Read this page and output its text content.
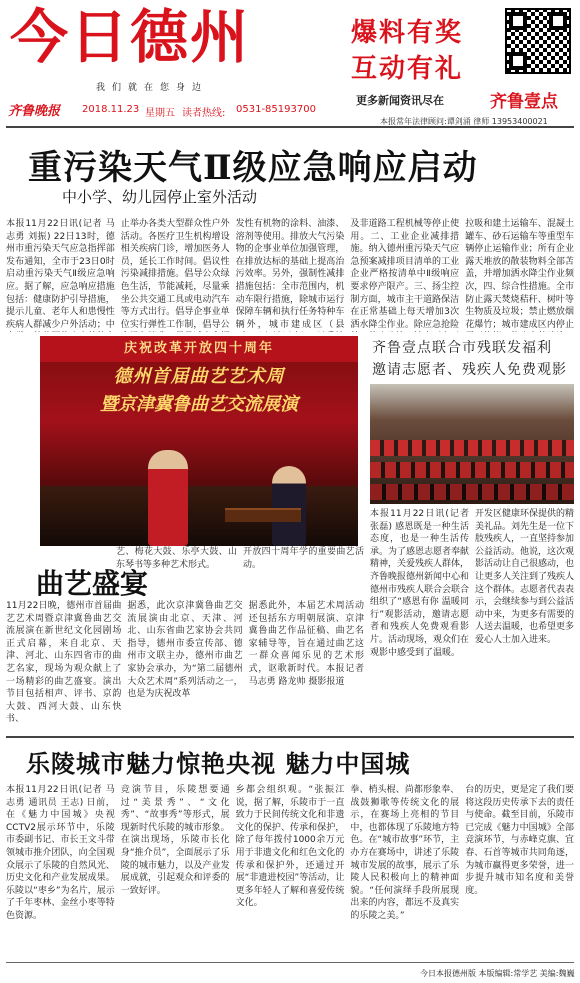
今日德州
我们就在您身边
爆料有奖
互动有礼
更多新闻资讯尽在	齐鲁壹点
齐鲁晚报 2018.11.23 星期五 读者热线: 0531-85193700
本报常年法律顾问:谭剑涌 律师 13953400021
重污染天气Ⅱ级应急响应启动
中小学、幼儿园停止室外活动
本报11月22日讯(记者 马志勇 刘振) 22日13时，德州市重污染天气应急指挥部发布通知，全市于23日0时启动重污染天气Ⅱ级应急响应。据了解，应急响应措施包括：健康防护引导措施，提示儿童、老年人和患慢性疾病人群减少户外活动；中
止举办各类大型群众性户外活动。各医疗卫生机构增设相关疾病门诊，增加医务人员，延长工作时间。倡议性污染减排措施。倡导公众绿色生活，节能减耗，尽量乘坐公共交通工具或电动汽车等方式出行。倡导企事业单位实行弹性工作制，倡导公
发性有机物的涂料、油漆、溶剂等使用。排放大气污染物的企事业单位加强管理，在排放达标的基础上提高治污效率。另外，强制性减排措施包括：全市范围内，机动车限行措施，除城市运行保障车辆和执行任务特种车辆外，城市建成区（县
及非道路工程机械等停止使用。二、工业企业减排措施。纳入德州重污染天气应急预案减排项目清单的工业企业严格按清单中Ⅱ级响应要求停产限产。三、扬尘控制方面，城市主干道路保洁在正常基础上每天增加3次洒水降尘作业。除应急抢险
拉吸和建土运输车、混凝土罐车、砂石运输车等重型车辆停止运输作业；所有企业露天堆放的散装物料全部苫盖，并增加洒水降尘作业频次，四、综合性措施。全市防止露天焚烧秸秆、树叶等生物质及垃圾；禁止燃放烟花爆竹；城市建成区内停止
庆祝改革开放四十周年
德州首届曲艺艺术周
暨京津冀鲁曲艺交流展演
艺、梅花大鼓、乐亭大鼓、山东琴书等多种艺术形式。
开放四十周年学的重要曲艺活动。
曲艺盛宴
11月22日晚，德州市首届曲艺艺术周暨京津冀鲁曲艺交流展演在新世纪文化园剧场正式启幕，来自北京、天津、河北、山东四省市的曲艺名家，现场为观众献上了一场精彩的曲艺盛宴。演出节目包括相声、评书、京韵大鼓、西河大鼓、山东快书、
据悉，此次京津冀鲁曲艺交流展演由北京、天津、河北、山东省曲艺家协会共同指导，德州市委宣传部、德州市文联主办，德州市曲艺家协会承办，为“第二届德州大众艺术周”系列活动之一，也是为庆祝改革
据悉此外，本届艺术周活动还包括东方明朝展演、京津冀鲁曲艺作品征稿、曲艺名家辅导等，旨在通过曲艺这一群众喜闻乐见的艺术形式，讴歌新时代。本报记者 马志勇 路龙帅 摄影报道
齐鲁壹点联合市残联发福利
邀请志愿者、残疾人免费观影
本报11月22日讯(记者 张磊) 感恩既是一种生活态度，也是一种生活传承。为了感恩志愿者奉献精神，关爱残疾人群体，齐鲁晚报德州新闻中心和德州市残疾人联合会联合组织了“感恩有你 温暖同行”观影活动，邀请志愿者和残疾人免费观看影片。活动现场，观众们在观影中感受到了温暖。
开发区健康环保提供的精美礼品。刘先生是一位下肢残疾人，一直坚持参加公益活动。他说，这次观影活动让自己很感动，也让更多人关注到了残疾人这个群体。志愿者代表表示，会继续参与到公益活动中来，为更多有需要的人送去温暖，也希望更多爱心人士加入进来。
乐陵城市魅力惊艳央视 魅力中国城
本报11月22日讯(记者 马志勇 通讯员 王志) 日前，在《魅力中国城》央视CCTV2展示环节中，乐陵市委副书记、市长王文斗带领城市推介团队，向全国观众展示了乐陵的自然风光、历史文化和产业发展成果。乐陵以“枣乡”为名片，展示了千年枣林、金丝小枣等特色资源。
竞演节目，乐陵想要通过“美景秀”、“文化秀”、“故事秀”等形式，展现新时代乐陵的城市形象。在演出现场，乐陵市长化身“推介员”，全面展示了乐陵的城市魅力，以及产业发展成就，引起观众和评委的一致好评。
乡都会组织观。“张振江说，据了解，乐陵市于一直致力于民间传统文化和非遗文化的保护、传承和保护，除了每年拨付1000余万元用于非遗文化和红色文化的传承和保护外，还通过开展“非遗进校园”等活动，让更多年轻人了解和喜爱传统文化。
拳、梢头棍、尚都形象奉、战鼓狮歌等传统文化的展示，在赛场上亮相的节目中，也都体现了乐陵地方特色。在“城市故事”环节，主办方在赛场中，讲述了乐陵城市发展的故事，展示了乐陵人民积极向上的精神面貌。“任何演绎手段所展现出来的内容，都远不及真实的乐陵之美。”
台的历史，更是定了我们要将这段历史传承下去的责任与使命。截至目前，乐陵市已完成《魅力中国城》全部竞演环节，与赤峰克旗、宜春、石首等城市共同角逐，为城市赢得更多荣誉，进一步提升城市知名度和美誉度。
今日本报德州版 本版编辑:常学艺 美编:魏巍
